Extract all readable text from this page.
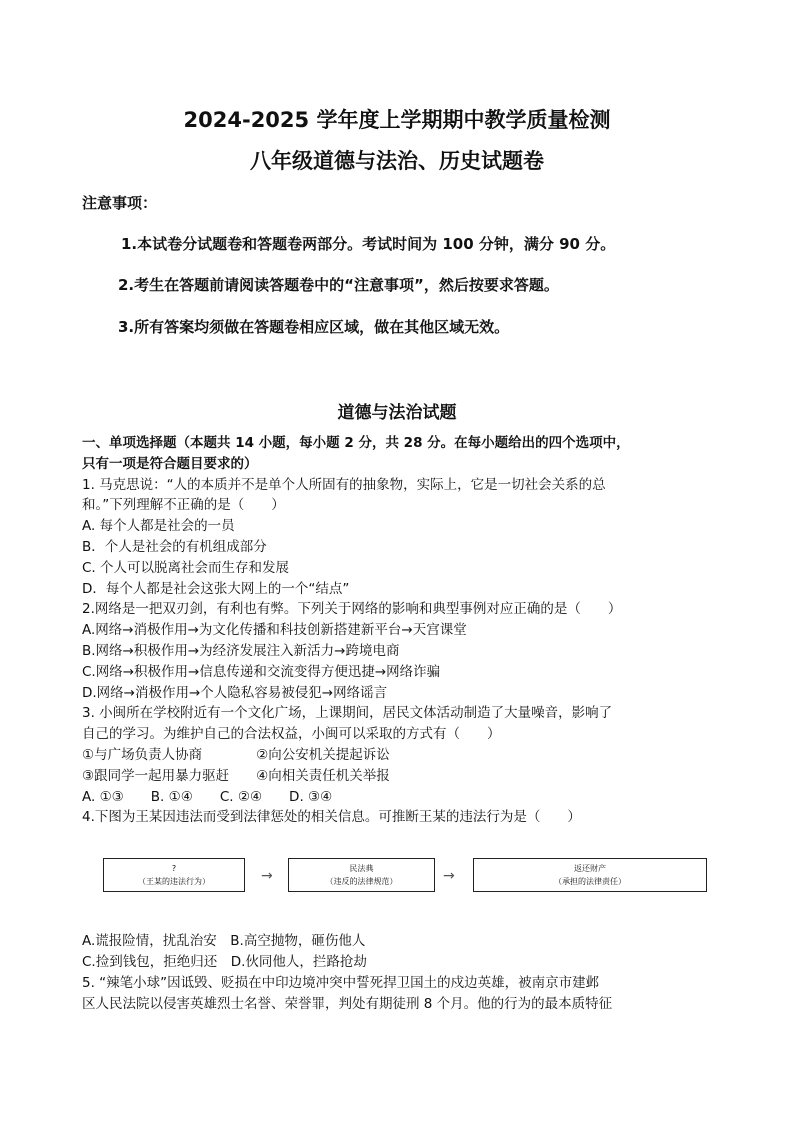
2024-2025 学年度上学期期中教学质量检测
八年级道德与法治、历史试题卷
注意事项：
1.本试卷分试题卷和答题卷两部分。考试时间为 100 分钟，满分 90 分。
2.考生在答题前请阅读答题卷中的“注意事项”，然后按要求答题。
3.所有答案均须做在答题卷相应区域，做在其他区域无效。
道德与法治试题
一、单项选择题（本题共 14 小题，每小题 2 分，共 28 分。在每小题给出的四个选项中，
只有一项是符合题目要求的）
1. 马克思说：“人的本质并不是单个人所固有的抽象物，实际上，它是一切社会关系的总
和。”下列理解不正确的是（　　）
A. 每个人都是社会的一员
B．个人是社会的有机组成部分
C. 个人可以脱离社会而生存和发展
D．每个人都是社会这张大网上的一个“结点”
2.网络是一把双刃剑，有利也有弊。下列关于网络的影响和典型事例对应正确的是（　　）
A.网络→消极作用→为文化传播和科技创新搭建新平台→天宫课堂
B.网络→积极作用→为经济发展注入新活力→跨境电商
C.网络→积极作用→信息传递和交流变得方便迅捷→网络诈骗
D.网络→消极作用→个人隐私容易被侵犯→网络谣言
3. 小闽所在学校附近有一个文化广场，上课期间，居民文体活动制造了大量噪音，影响了
自己的学习。为维护自己的合法权益，小闽可以采取的方式有（　　）
①与广场负责人协商　　　　②向公安机关提起诉讼
③跟同学一起用暴力驱赶　　④向相关责任机关举报
A. ①③　　B. ①④　　C. ②④　　D. ③④
4.下图为王某因违法而受到法律惩处的相关信息。可推断王某的违法行为是（　　）
?
（王某的违法行为）	→	民法典
（违反的法律规范）	→	返还财产
（承担的法律责任）
A.谎报险情，扰乱治安　B.高空抛物，砸伤他人
C.捡到钱包，拒绝归还　D.伙同他人，拦路抢劫
5. “辣笔小球”因诋毁、贬损在中印边境冲突中誓死捍卫国土的戍边英雄，被南京市建邺
区人民法院以侵害英雄烈士名誉、荣誉罪，判处有期徒刑 8 个月。他的行为的最本质特征
